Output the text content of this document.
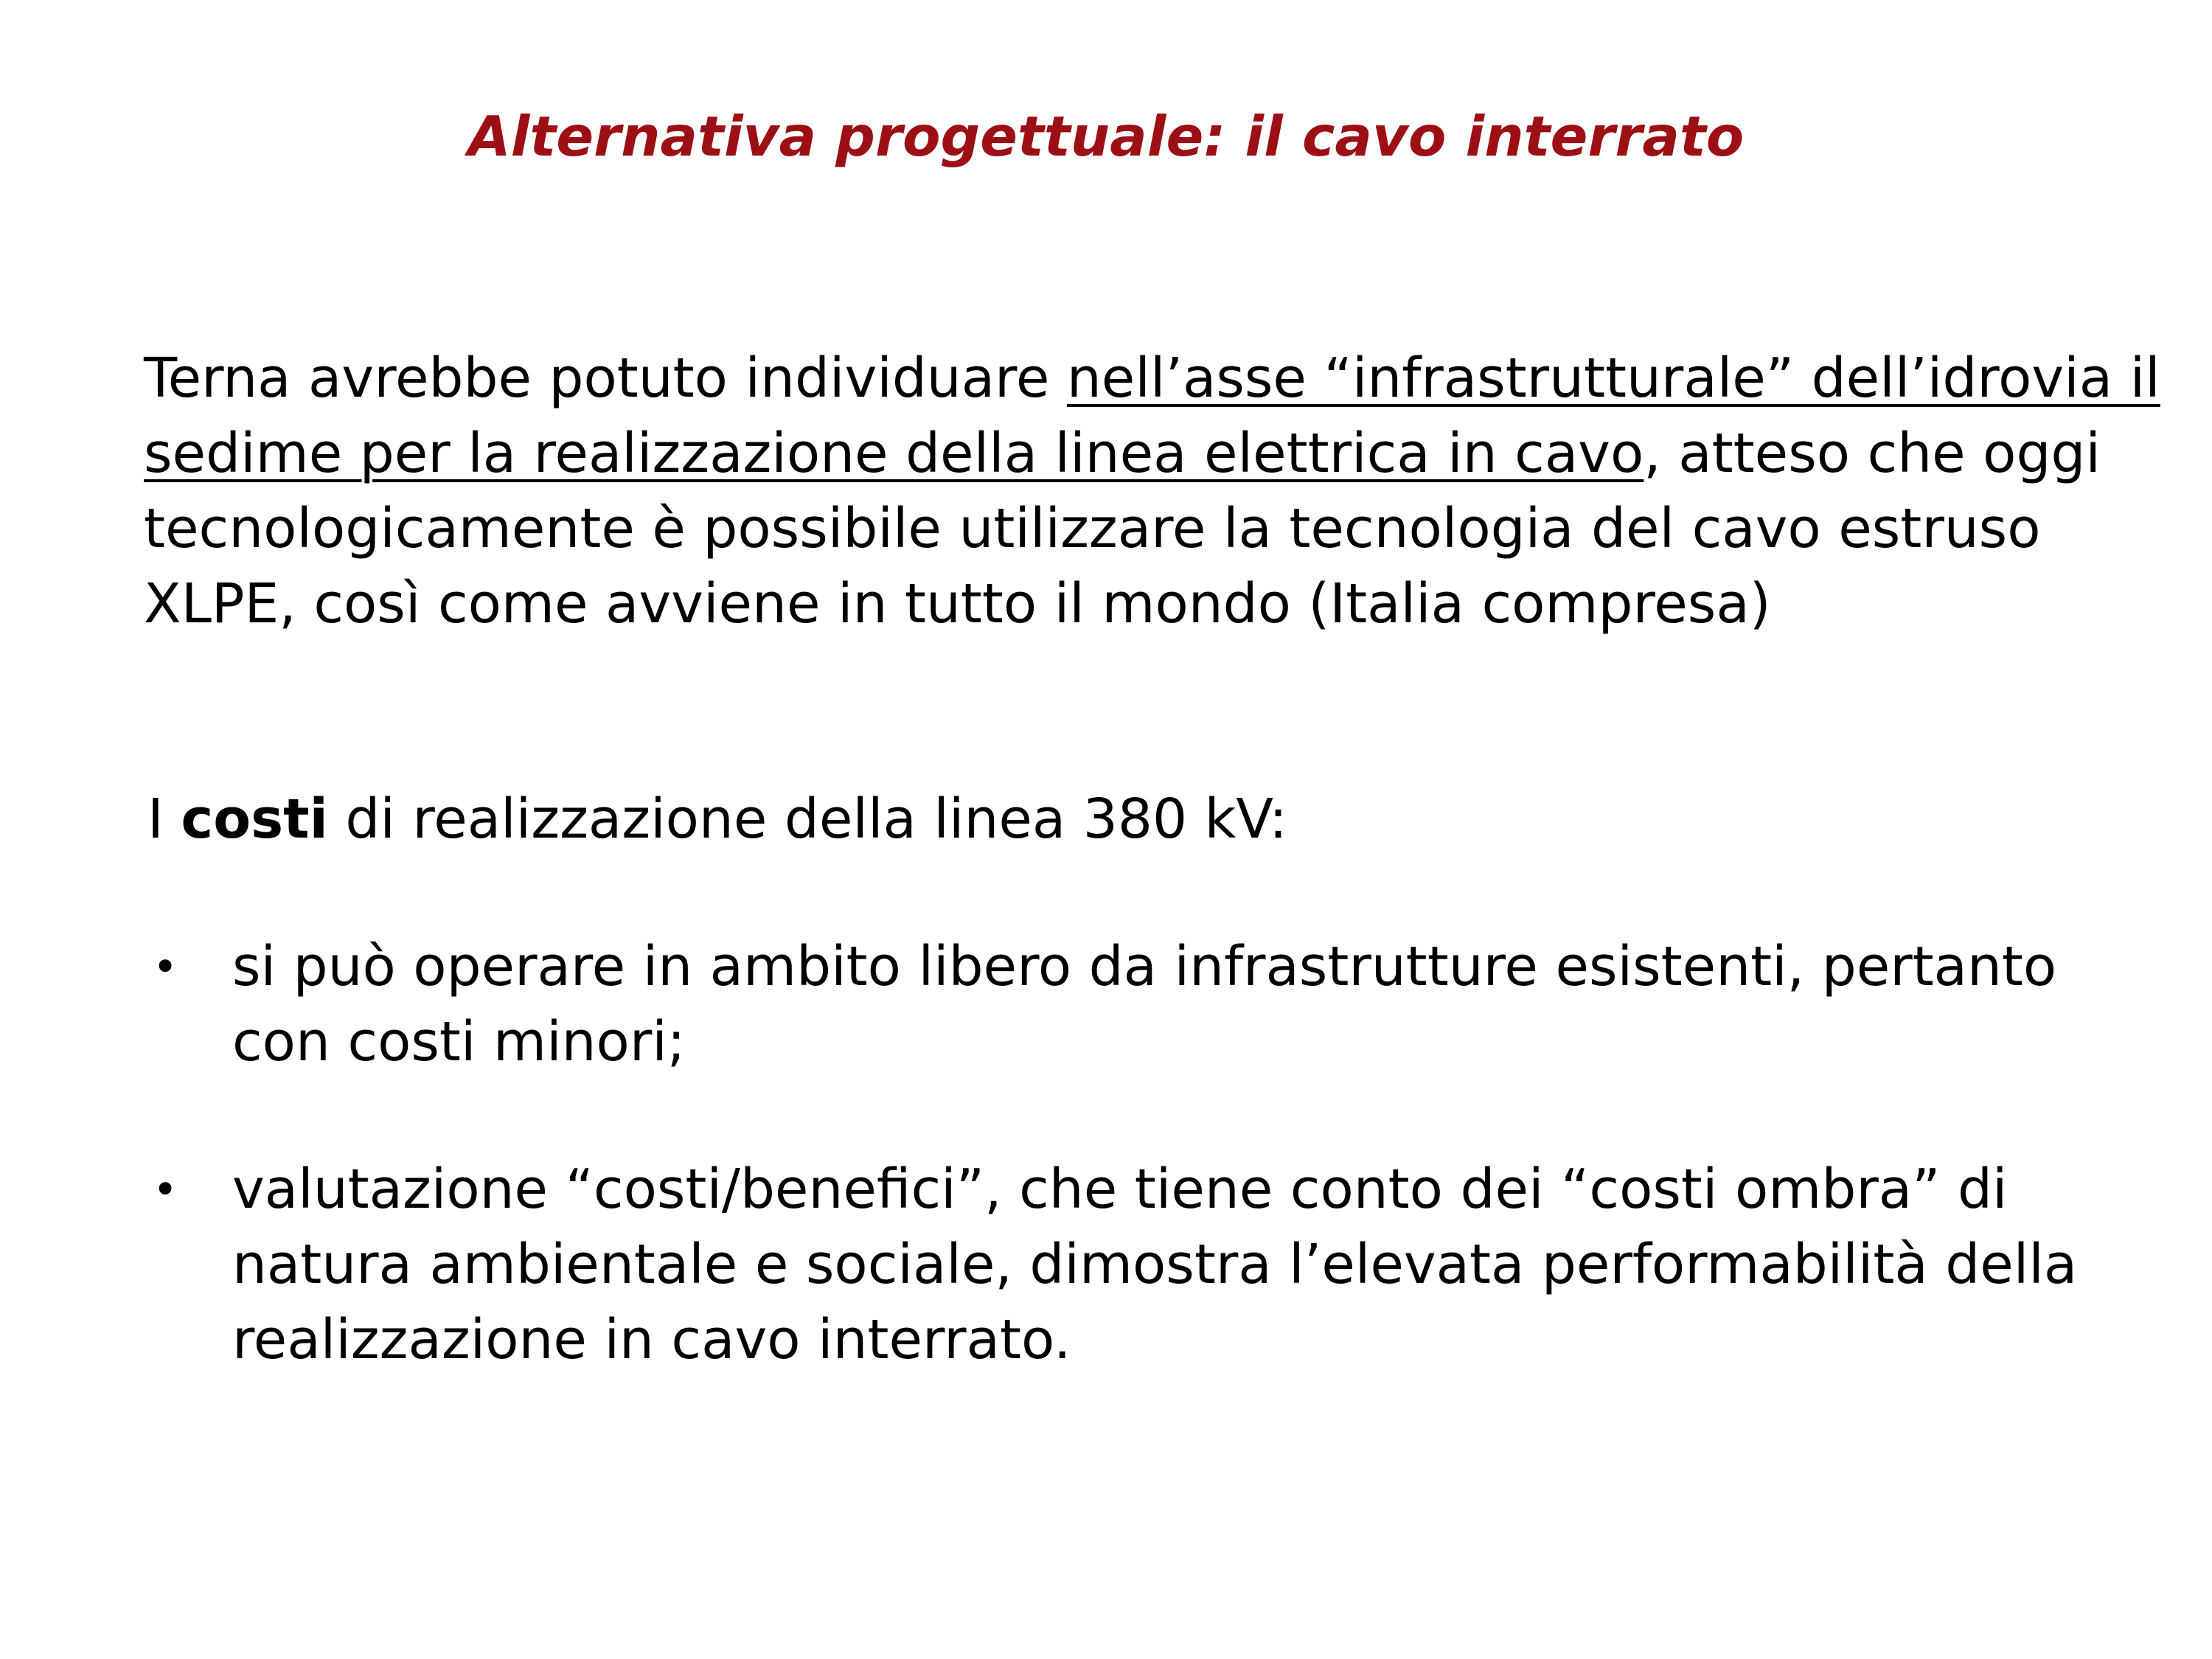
Alternativa progettuale: il cavo interrato
Terna avrebbe potuto individuare nell’asse “infrastrutturale” dell’idrovia il
sedime per la realizzazione della linea elettrica in cavo, atteso che oggi
tecnologicamente è possibile utilizzare la tecnologia del cavo estruso
XLPE, così come avviene in tutto il mondo (Italia compresa)
I costi di realizzazione della linea 380 kV:
• si può operare in ambito libero da infrastrutture esistenti, pertanto
con costi minori;
• valutazione “costi/benefici”, che tiene conto dei “costi ombra” di
natura ambientale e sociale, dimostra l’elevata performabilità della
realizzazione in cavo interrato.
